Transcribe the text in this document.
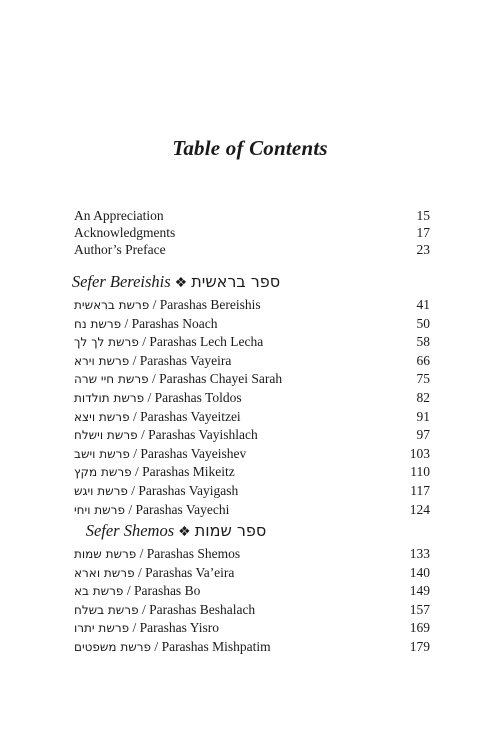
Table of Contents
An Appreciation	15
Acknowledgments	17
Author’s Preface	23
Sefer Bereishis ❖ ספר בראשית
פרשת בראשית / Parashas Bereishis	41
פרשת נח / Parashas Noach	50
פרשת לך לך / Parashas Lech Lecha	58
פרשת וירא / Parashas Vayeira	66
פרשת חיי שרה / Parashas Chayei Sarah	75
פרשת תולדות / Parashas Toldos	82
פרשת ויצא / Parashas Vayeitzei	91
פרשת וישלח / Parashas Vayishlach	97
פרשת וישב / Parashas Vayeishev	103
פרשת מקץ / Parashas Mikeitz	110
פרשת ויגש / Parashas Vayigash	117
פרשת ויחי / Parashas Vayechi	124
Sefer Shemos ❖ ספר שמות
פרשת שמות / Parashas Shemos	133
פרשת וארא / Parashas Va’eira	140
פרשת בא / Parashas Bo	149
פרשת בשלח / Parashas Beshalach	157
פרשת יתרו / Parashas Yisro	169
פרשת משפטים / Parashas Mishpatim	179
